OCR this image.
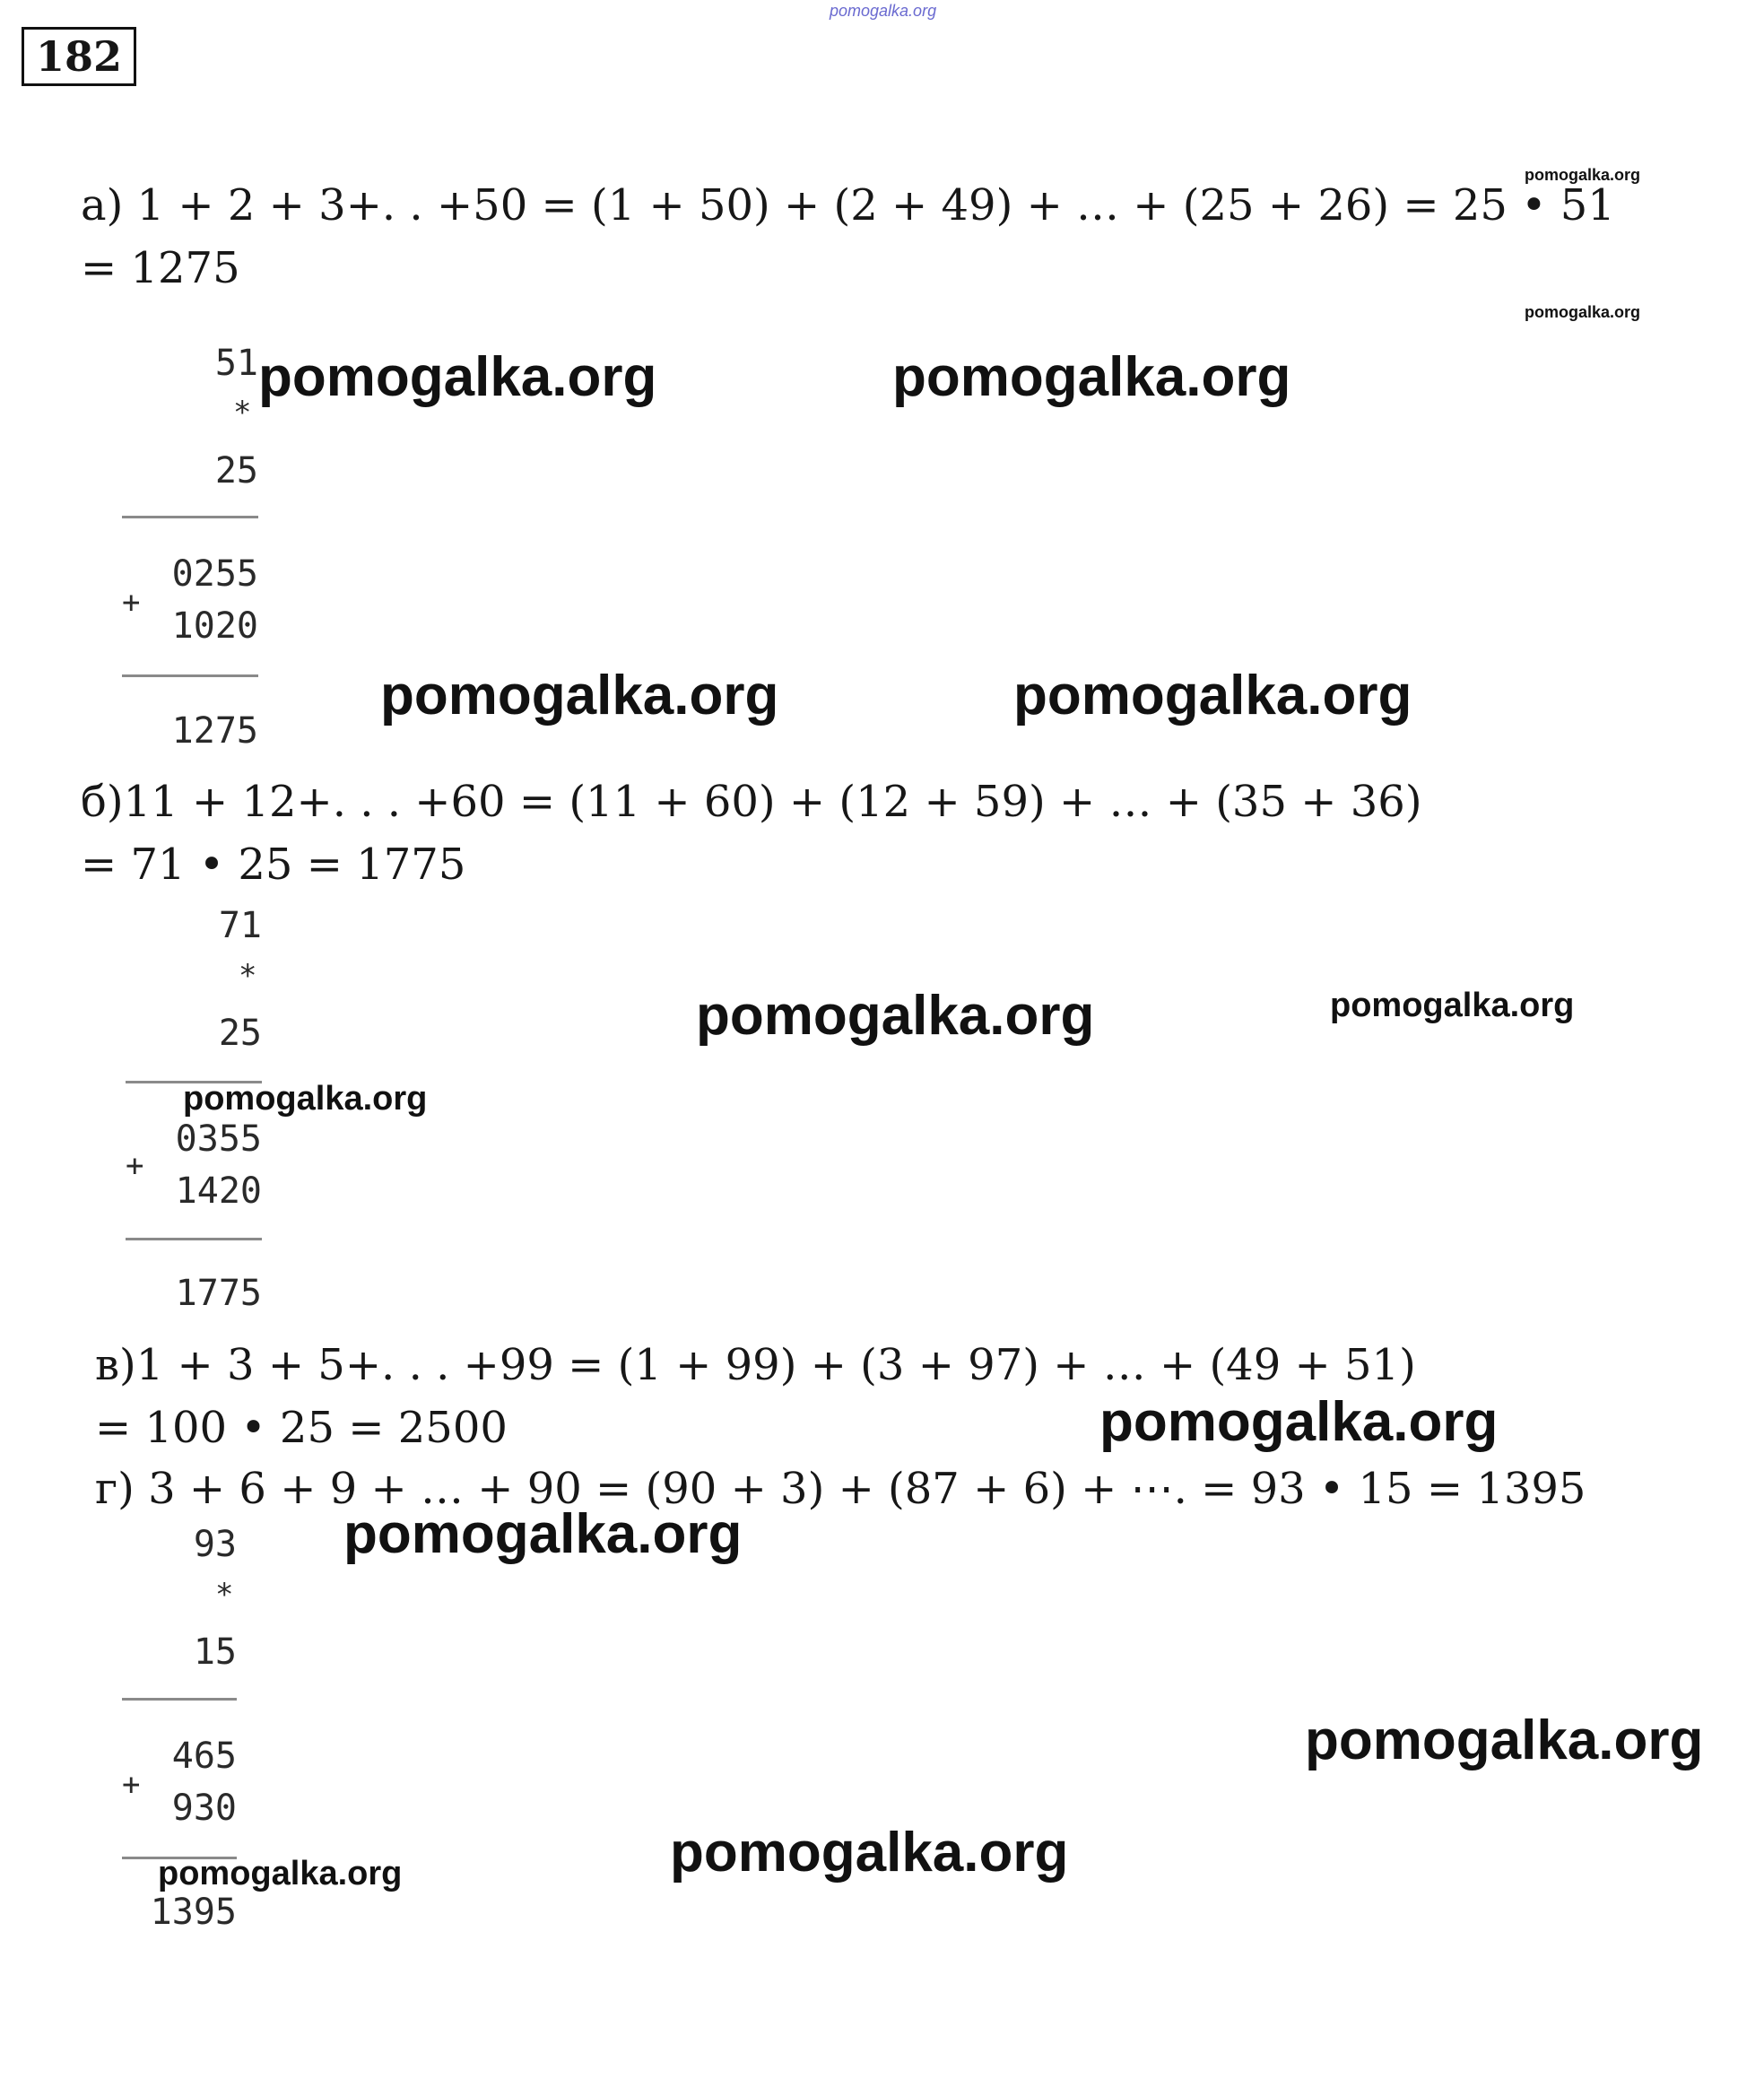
pomogalka.org
182
а) 1 + 2 + 3+. . +50 = (1 + 50) + (2 + 49) + … + (25 + 26) = 25 • 51
= 1275
51
*
25
0255
+
1020
1275
б)11 + 12+. . . +60 = (11 + 60) + (12 + 59) + … + (35 + 36)
= 71 • 25 = 1775
71
*
25
0355
+
1420
1775
в)1 + 3 + 5+. . . +99 = (1 + 99) + (3 + 97) + … + (49 + 51)
= 100 • 25 = 2500
г) 3 + 6 + 9 + … + 90 = (90 + 3) + (87 + 6) + ⋯. = 93 • 15 = 1395
93
*
15
465
+
930
1395
pomogalka.org
pomogalka.org
pomogalka.org	pomogalka.org
pomogalka.org	pomogalka.org
pomogalka.org	pomogalka.org
pomogalka.org
pomogalka.org
pomogalka.org
pomogalka.org
pomogalka.org
pomogalka.org
